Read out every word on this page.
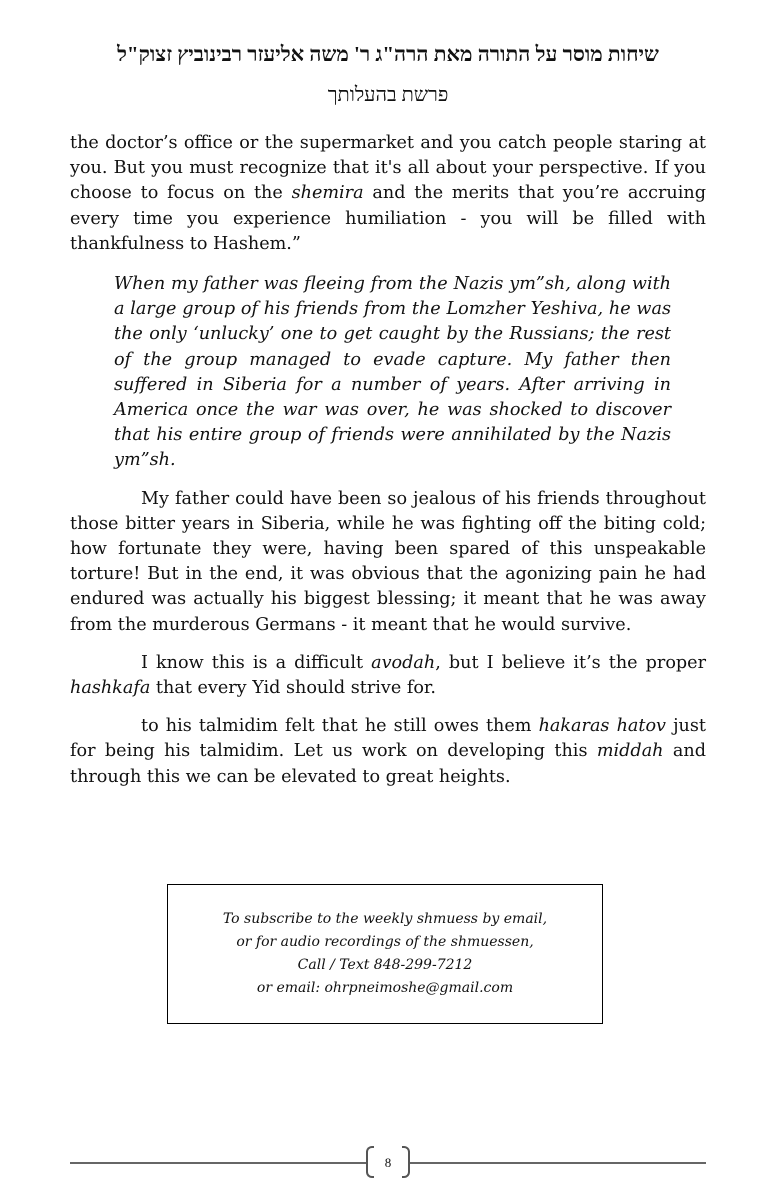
שיחות מוסר על התורה מאת הרה"ג ר' משה אליעזר רבינוביץ זצוק"ל
פרשת בהעלותך

the doctor’s office or the supermarket and you catch people staring at you. But you must recognize that it's all about your perspective. If you choose to focus on the shemira and the merits that you’re accruing every time you experience humiliation - you will be filled with thankfulness to Hashem.”

When my father was fleeing from the Nazis ym”sh, along with a large group of his friends from the Lomzher Yeshiva, he was the only ‘unlucky’ one to get caught by the Russians; the rest of the group managed to evade capture. My father then suffered in Siberia for a number of years. After arriving in America once the war was over, he was shocked to discover that his entire group of friends were annihilated by the Nazis ym”sh.

My father could have been so jealous of his friends throughout those bitter years in Siberia, while he was fighting off the biting cold; how fortunate they were, having been spared of this unspeakable torture! But in the end, it was obvious that the agonizing pain he had endured was actually his biggest blessing; it meant that he was away from the murderous Germans - it meant that he would survive.

I know this is a difficult avodah, but I believe it’s the proper hashkafa that every Yid should strive for.

to his talmidim felt that he still owes them hakaras hatov just for being his talmidim. Let us work on developing this middah and through this we can be elevated to great heights.

To subscribe to the weekly shmuess by email,
or for audio recordings of the shmuessen,
Call / Text 848-299-7212
or email: ohrpneimoshe@gmail.com
8
